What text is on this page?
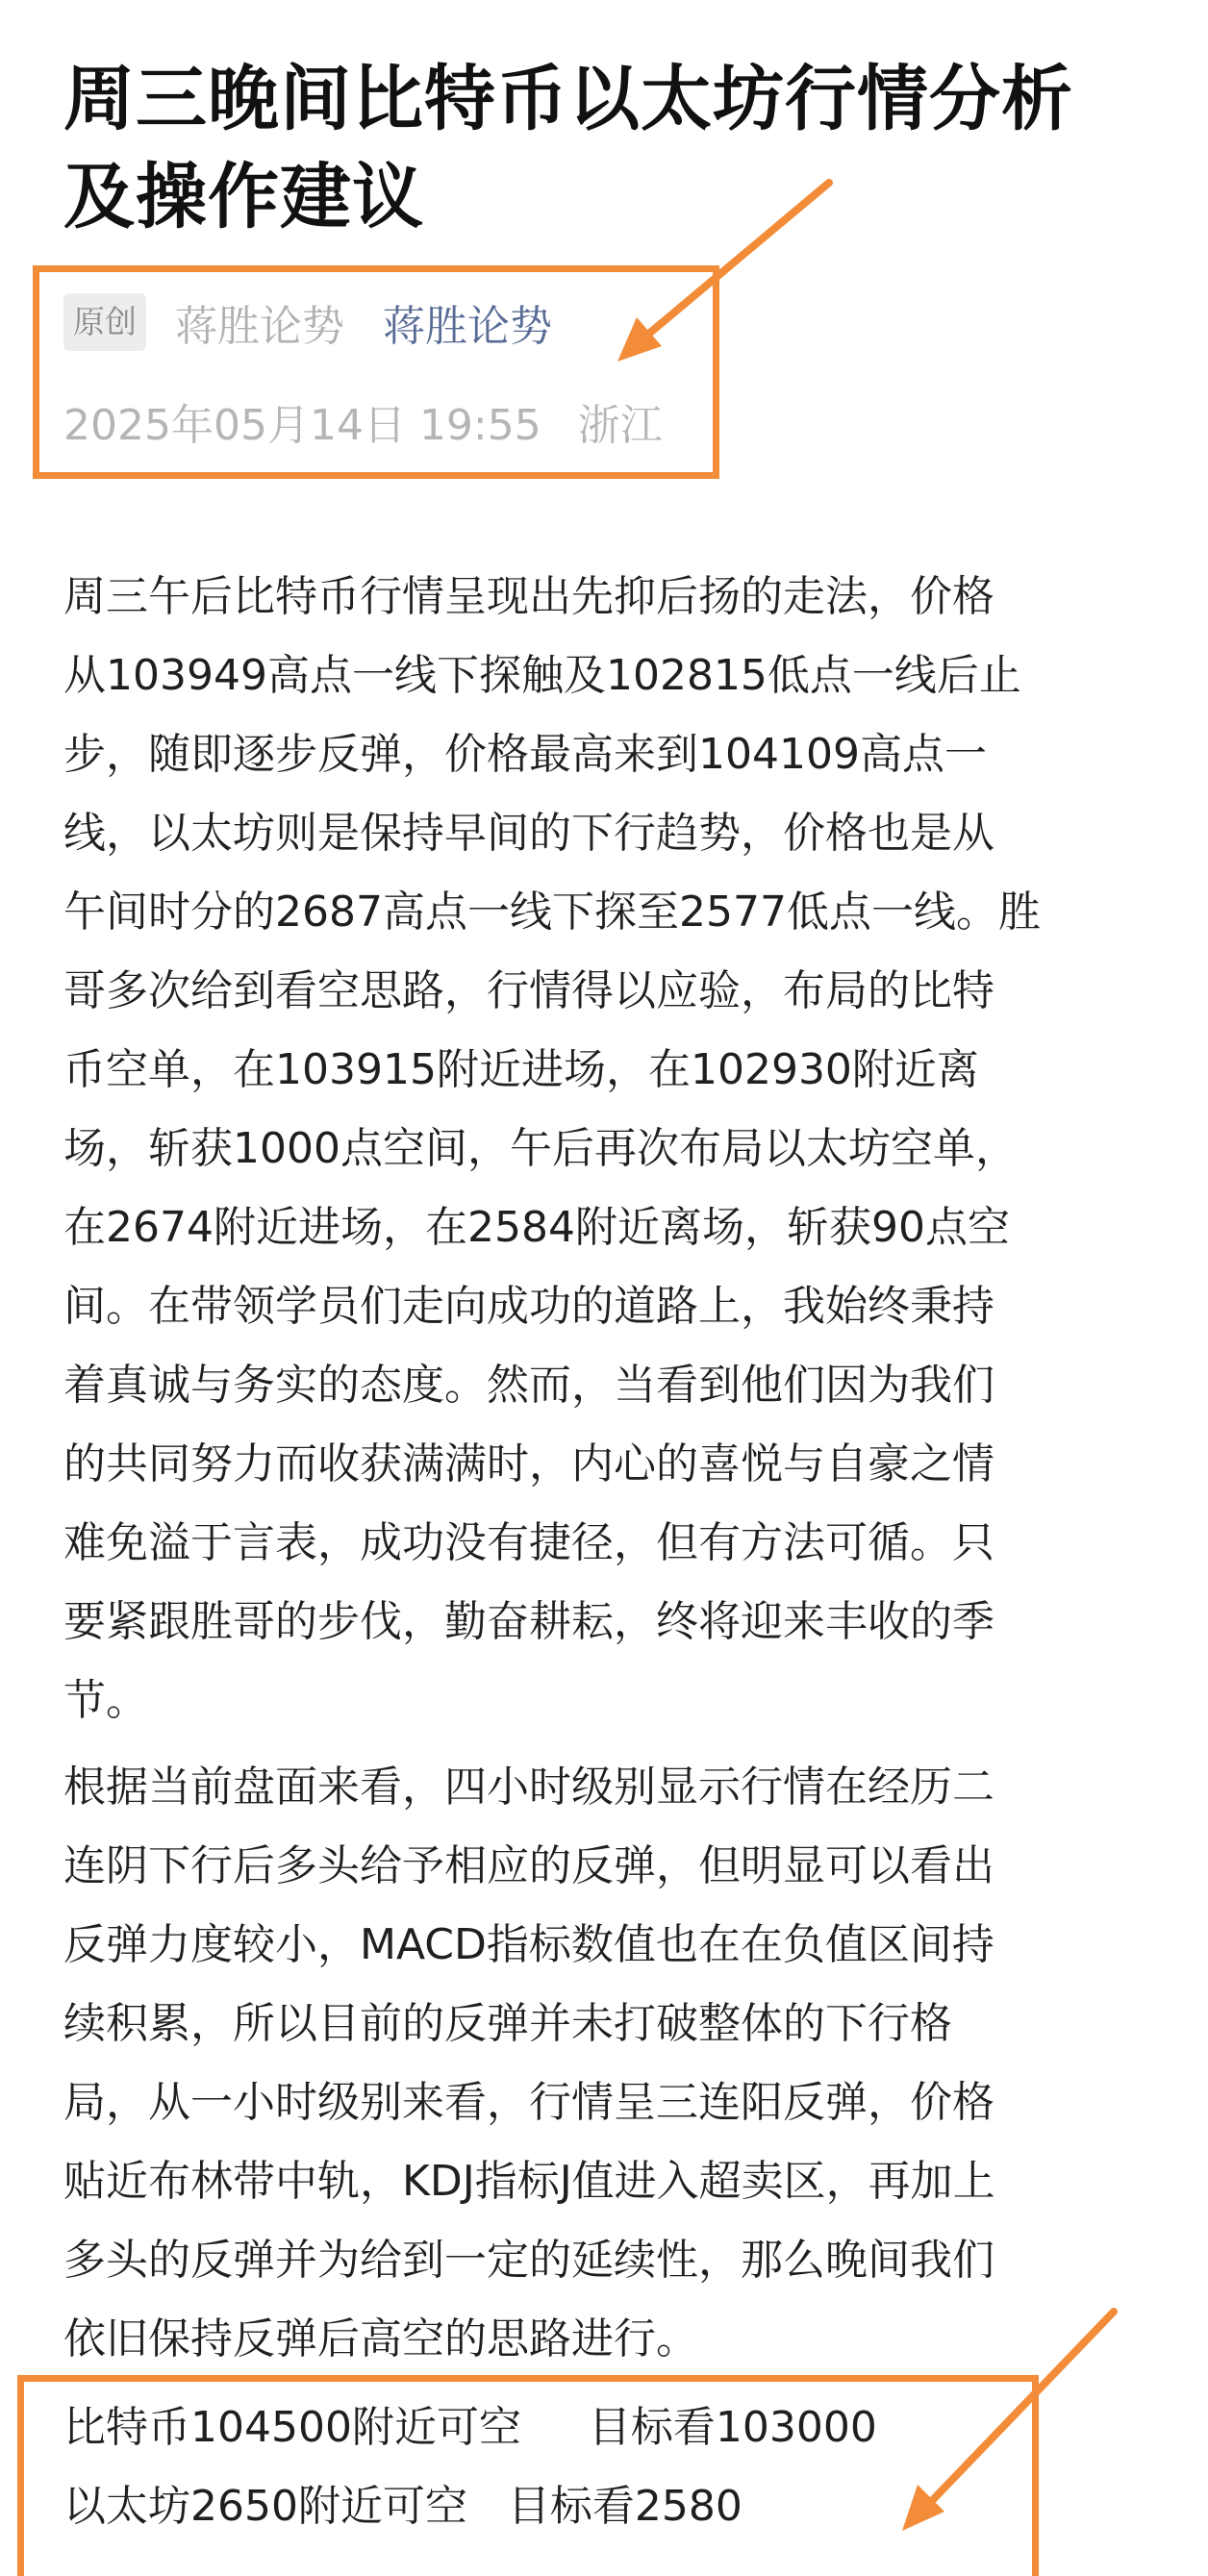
周三晚间比特币以太坊行情分析
及操作建议
原创 蒋胜论势 蒋胜论势
2025年05月14日 19:55 浙江

周三午后比特币行情呈现出先抑后扬的走法，价格
从103949高点一线下探触及102815低点一线后止
步，随即逐步反弹，价格最高来到104109高点一
线，以太坊则是保持早间的下行趋势，价格也是从
午间时分的2687高点一线下探至2577低点一线。胜
哥多次给到看空思路，行情得以应验，布局的比特
币空单，在103915附近进场，在102930附近离
场，斩获1000点空间，午后再次布局以太坊空单，
在2674附近进场，在2584附近离场，斩获90点空
间。在带领学员们走向成功的道路上，我始终秉持
着真诚与务实的态度。然而，当看到他们因为我们
的共同努力而收获满满时，内心的喜悦与自豪之情
难免溢于言表，成功没有捷径，但有方法可循。只
要紧跟胜哥的步伐，勤奋耕耘，终将迎来丰收的季
节。

根据当前盘面来看，四小时级别显示行情在经历二
连阴下行后多头给予相应的反弹，但明显可以看出
反弹力度较小，MACD指标数值也在在负值区间持
续积累，所以目前的反弹并未打破整体的下行格
局，从一小时级别来看，行情呈三连阳反弹，价格
贴近布林带中轨，KDJ指标J值进入超卖区，再加上
多头的反弹并为给到一定的延续性，那么晚间我们
依旧保持反弹后高空的思路进行。

比特币104500附近可空     目标看103000
以太坊2650附近可空   目标看2580
